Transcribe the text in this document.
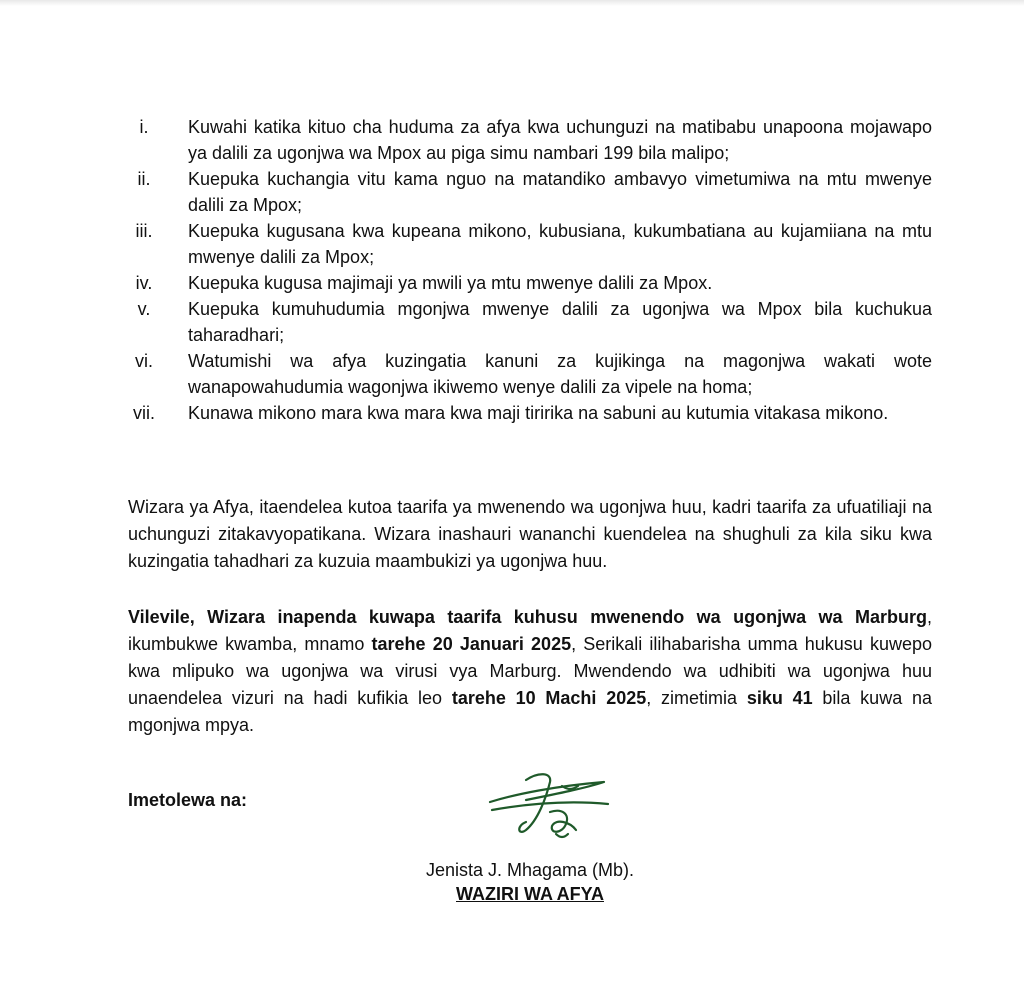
i.	Kuwahi katika kituo cha huduma za afya kwa uchunguzi na matibabu unapoona mojawapo ya dalili za ugonjwa wa Mpox au piga simu nambari 199 bila malipo;
ii.	Kuepuka kuchangia vitu kama nguo na matandiko ambavyo vimetumiwa na mtu mwenye dalili za Mpox;
iii.	Kuepuka kugusana kwa kupeana mikono, kubusiana, kukumbatiana au kujamiiana na mtu mwenye dalili za Mpox;
iv.	Kuepuka kugusa majimaji ya mwili ya mtu mwenye dalili za Mpox.
v.	Kuepuka kumuhudumia mgonjwa mwenye dalili za ugonjwa wa Mpox bila kuchukua taharadhari;
vi.	Watumishi wa afya kuzingatia kanuni za kujikinga na magonjwa wakati wote wanapowahudumia wagonjwa ikiwemo wenye dalili za vipele na homa;
vii. Kunawa mikono mara kwa mara kwa maji tiririka na sabuni au kutumia vitakasa mikono.

Wizara ya Afya, itaendelea kutoa taarifa ya mwenendo wa ugonjwa huu, kadri taarifa za ufuatiliaji na uchunguzi zitakavyopatikana. Wizara inashauri wananchi kuendelea na shughuli za kila siku kwa kuzingatia tahadhari za kuzuia maambukizi ya ugonjwa huu.

Vilevile, Wizara inapenda kuwapa taarifa kuhusu mwenendo wa ugonjwa wa Marburg, ikumbukwe kwamba, mnamo tarehe 20 Januari 2025, Serikali ilihabarisha umma hukusu kuwepo kwa mlipuko wa ugonjwa wa virusi vya Marburg. Mwendendo wa udhibiti wa ugonjwa huu unaendelea vizuri na hadi kufikia leo tarehe 10 Machi 2025, zimetimia siku 41 bila kuwa na mgonjwa mpya.

Imetolewa na:

Jenista J. Mhagama (Mb).

WAZIRI WA AFYA
